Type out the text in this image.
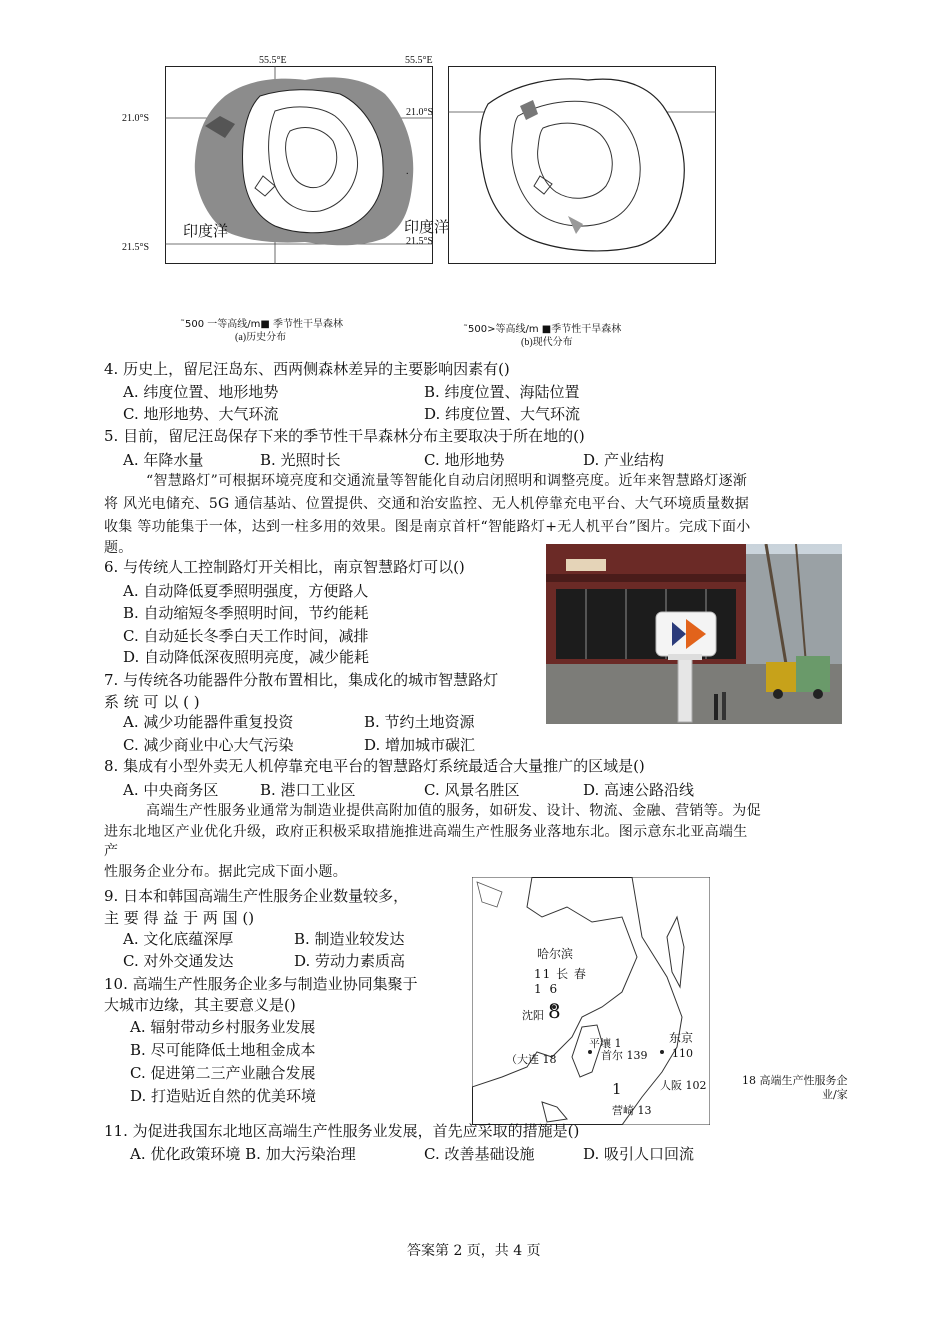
55.5°E
21.0°S
21.5°S
印度洋
55.5°E
21.0°S
21.5°S
印度洋
.
˜500 一等高线/m■ 季节性干旱森林
(a)历史分布
˜500>等高线/m ■季节性干旱森林
(b)现代分布
4. 历史上，留尼汪岛东、西两侧森林差异的主要影响因素有()
A. 纬度位置、地形地势	B. 纬度位置、海陆位置
C. 地形地势、大气环流	D. 纬度位置、大气环流
5. 目前，留尼汪岛保存下来的季节性干旱森林分布主要取决于所在地的()
A. 年降水量	B. 光照时长	C. 地形地势	D. 产业结构
“智慧路灯”可根据环境亮度和交通流量等智能化自动启闭照明和调整亮度。近年来智慧路灯逐渐
将 风光电储充、5G 通信基站、位置提供、交通和治安监控、无人机停靠充电平台、大气环境质量数据
收集 等功能集于一体，达到一柱多用的效果。图是南京首杆“智能路灯+无人机平台”图片。完成下面小
题。
6. 与传统人工控制路灯开关相比，南京智慧路灯可以()
A. 自动降低夏季照明强度，方便路人
B. 自动缩短冬季照明时间，节约能耗
C. 自动延长冬季白天工作时间，减排
D. 自动降低深夜照明亮度，减少能耗
7. 与传统各功能器件分散布置相比，集成化的城市智慧路灯
系 统 可 以 ( )
A. 减少功能器件重复投资	B. 节约土地资源
C. 减少商业中心大气污染	D. 增加城市碳汇
8. 集成有小型外卖无人机停靠充电平台的智慧路灯系统最适合大量推广的区域是()
A. 中央商务区	B. 港口工业区	C. 风景名胜区	D. 高速公路沿线
高端生产性服务业通常为制造业提供高附加值的服务，如研发、设计、物流、金融、营销等。为促
进东北地区产业优化升级，政府正积极采取措施推进高端生产性服务业落地东北。图示意东北亚高端生
产
性服务企业分布。据此完成下面小题。
9. 日本和韩国高端生产性服务企业数量较多，
主 要 得 益 于 两 国 ()
A. 文化底蕴深厚	B. 制造业较发达
C. 对外交通发达	D. 劳动力素质高
10. 高端生产性服务企业多与制造业协同集聚于
大城市边缘，其主要意义是()
A. 辐射带动乡村服务业发展
B. 尽可能降低土地租金成本
C. 促进第二三产业融合发展
D. 打造贴近自然的优美环境
哈尔滨
11 长 春
1 6
沈阳 8
平壤 1
首尔 139
东京
110
（大连 18
人阪 102
1
营崎 13
18 高端生产性服务企
业/家
11. 为促进我国东北地区高端生产性服务业发展，首先应采取的措施是()
A. 优化政策环境 B. 加大污染治理	C. 改善基础设施	D. 吸引人口回流
答案第 2 页，共 4 页
